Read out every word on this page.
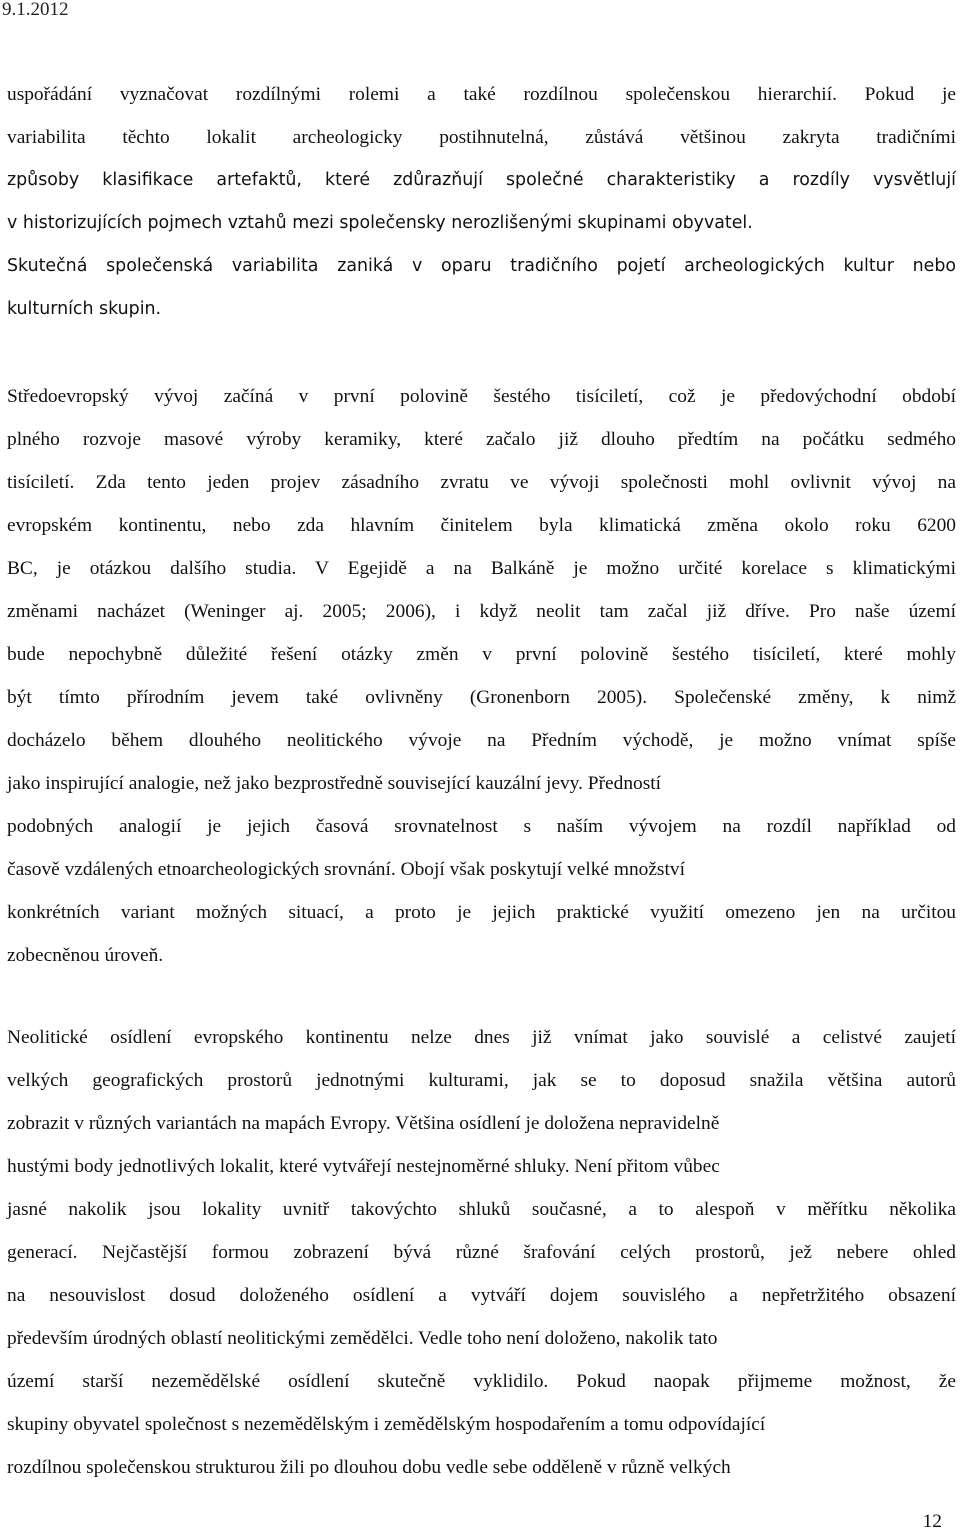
9.1.2012
uspořádání vyznačovat rozdílnými rolemi a také rozdílnou společenskou hierarchií. Pokud je
variabilita těchto lokalit archeologicky postihnutelná, zůstává většinou zakryta tradičními
způsoby klasifikace artefaktů, které zdůrazňují společné charakteristiky a rozdíly vysvětlují
v historizujících pojmech vztahů mezi společensky nerozlišenými skupinami obyvatel.
Skutečná společenská variabilita zaniká v oparu tradičního pojetí archeologických kultur nebo
kulturních skupin.
Středoevropský vývoj začíná v první polovině šestého tisíciletí, což je předovýchodní období
plného rozvoje masové výroby keramiky, které začalo již dlouho předtím na počátku sedmého
tisíciletí. Zda tento jeden projev zásadního zvratu ve vývoji společnosti mohl ovlivnit vývoj na
evropském kontinentu, nebo zda hlavním činitelem byla klimatická změna okolo roku 6200
BC, je otázkou dalšího studia. V Egejidě a na Balkáně je možno určité korelace s klimatickými
změnami nacházet (Weninger aj. 2005; 2006), i když neolit tam začal již dříve. Pro naše území
bude nepochybně důležité řešení otázky změn v první polovině šestého tisíciletí, které mohly
být tímto přírodním jevem také ovlivněny (Gronenborn 2005). Společenské změny, k nimž
docházelo během dlouhého neolitického vývoje na Předním východě, je možno vnímat spíše
jako inspirující analogie, než jako bezprostředně související kauzální jevy. Předností
podobných analogií je jejich časová srovnatelnost s naším vývojem na rozdíl například od
časově vzdálených etnoarcheologických srovnání. Obojí však poskytují velké množství
konkrétních variant možných situací, a proto je jejich praktické využití omezeno jen na určitou
zobecněnou úroveň.
Neolitické osídlení evropského kontinentu nelze dnes již vnímat jako souvislé a celistvé zaujetí
velkých geografických prostorů jednotnými kulturami, jak se to doposud snažila většina autorů
zobrazit v různých variantách na mapách Evropy. Většina osídlení je doložena nepravidelně
hustými body jednotlivých lokalit, které vytvářejí nestejnoměrné shluky. Není přitom vůbec
jasné nakolik jsou lokality uvnitř takovýchto shluků současné, a to alespoň v měřítku několika
generací. Nejčastější formou zobrazení bývá různé šrafování celých prostorů, jež nebere ohled
na nesouvislost dosud doloženého osídlení a vytváří dojem souvislého a nepřetržitého obsazení
především úrodných oblastí neolitickými zemědělci. Vedle toho není doloženo, nakolik tato
území starší nezemědělské osídlení skutečně vyklidilo. Pokud naopak přijmeme možnost, že
skupiny obyvatel společnost s nezemědělským i zemědělským hospodařením a tomu odpovídající
rozdílnou společenskou strukturou žili po dlouhou dobu vedle sebe odděleně v různě velkých
12
